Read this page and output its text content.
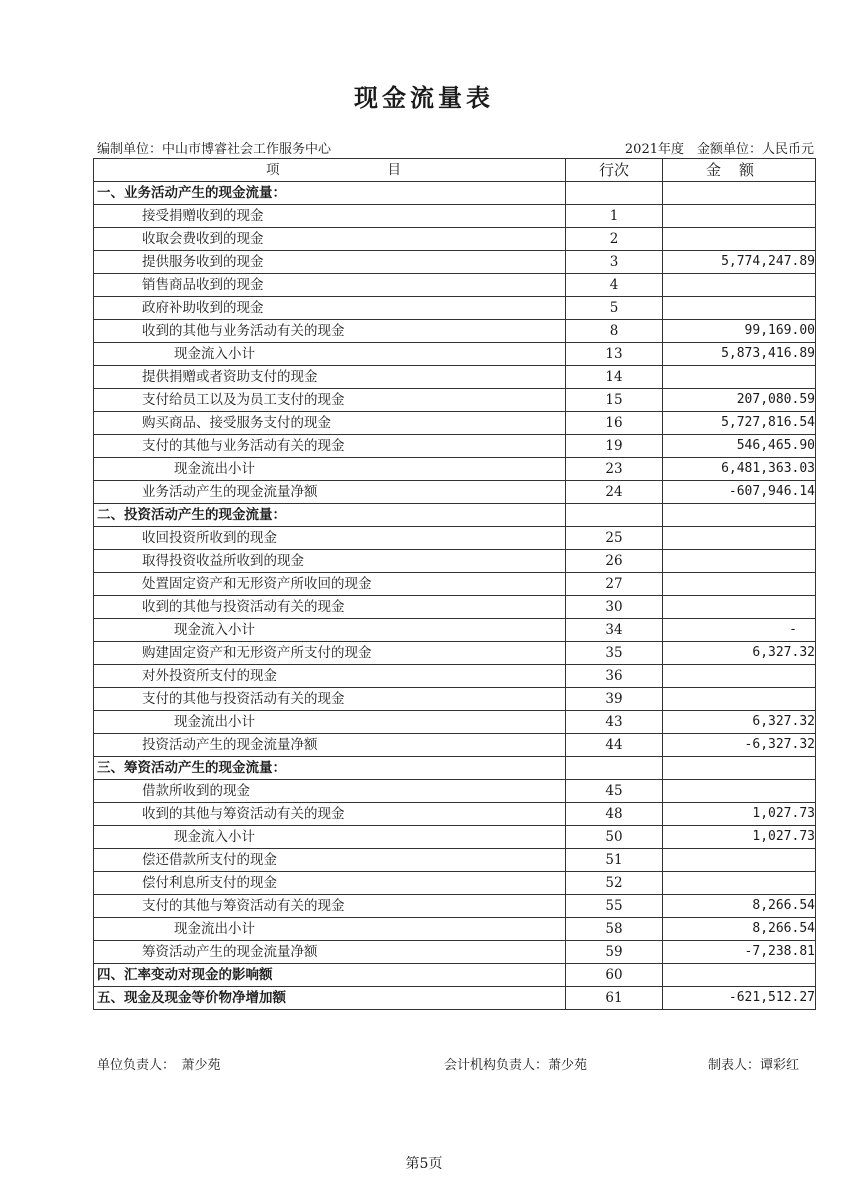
现金流量表
编制单位：中山市博睿社会工作服务中心	2021年度　金额单位：人民币元
项 目	行次	金额
一、业务活动产生的现金流量：		
接受捐赠收到的现金	1	
收取会费收到的现金	2	
提供服务收到的现金	3	5,774,247.89
销售商品收到的现金	4	
政府补助收到的现金	5	
收到的其他与业务活动有关的现金	8	99,169.00
现金流入小计	13	5,873,416.89
提供捐赠或者资助支付的现金	14	
支付给员工以及为员工支付的现金	15	207,080.59
购买商品、接受服务支付的现金	16	5,727,816.54
支付的其他与业务活动有关的现金	19	546,465.90
现金流出小计	23	6,481,363.03
业务活动产生的现金流量净额	24	-607,946.14
二、投资活动产生的现金流量：		
收回投资所收到的现金	25	
取得投资收益所收到的现金	26	
处置固定资产和无形资产所收回的现金	27	
收到的其他与投资活动有关的现金	30	
现金流入小计	34	-
购建固定资产和无形资产所支付的现金	35	6,327.32
对外投资所支付的现金	36	
支付的其他与投资活动有关的现金	39	
现金流出小计	43	6,327.32
投资活动产生的现金流量净额	44	-6,327.32
三、筹资活动产生的现金流量：		
借款所收到的现金	45	
收到的其他与筹资活动有关的现金	48	1,027.73
现金流入小计	50	1,027.73
偿还借款所支付的现金	51	
偿付利息所支付的现金	52	
支付的其他与筹资活动有关的现金	55	8,266.54
现金流出小计	58	8,266.54
筹资活动产生的现金流量净额	59	-7,238.81
四、汇率变动对现金的影响额	60	
五、现金及现金等价物净增加额	61	-621,512.27
单位负责人：　萧少苑	会计机构负责人：萧少苑	制表人：谭彩红
第5页
